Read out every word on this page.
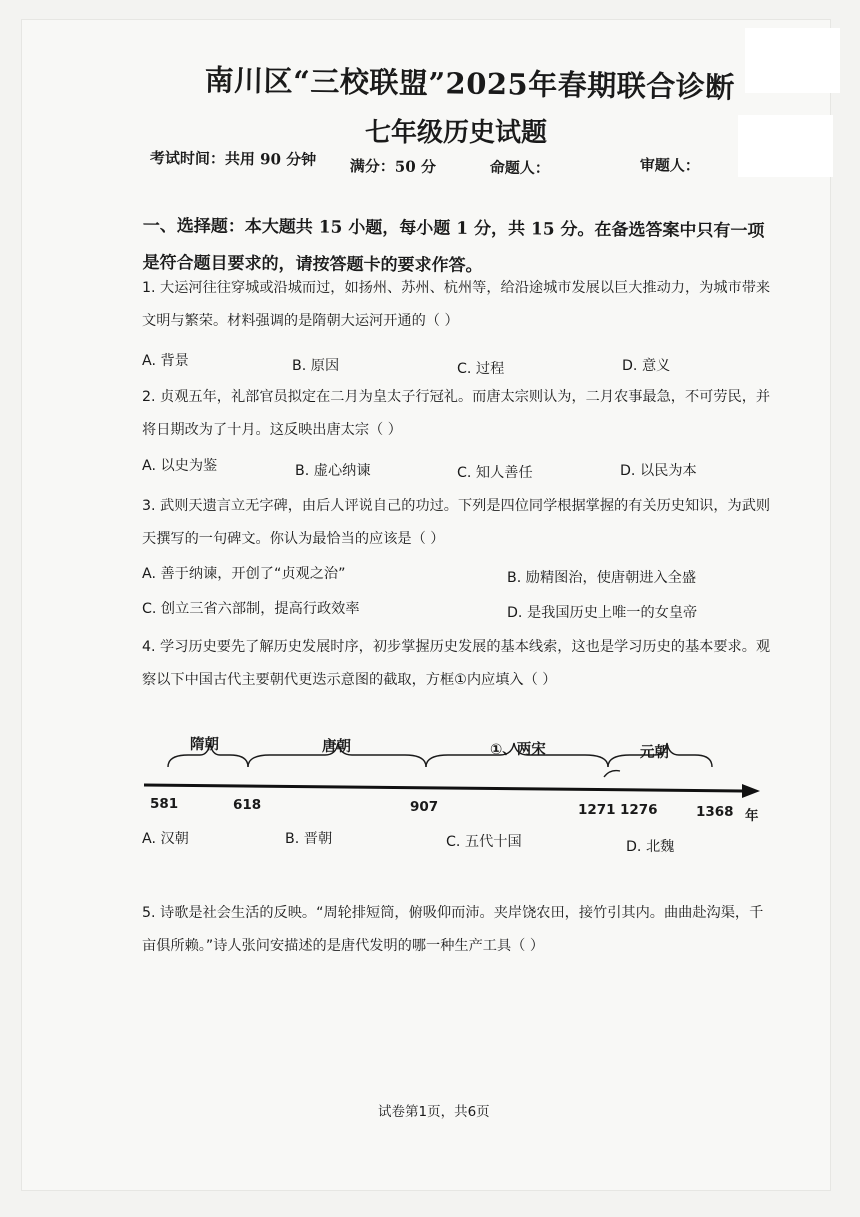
南川区“三校联盟”2025年春期联合诊断
七年级历史试题
考试时间：共用 90 分钟 满分：50 分	命题人：	审题人：
一、选择题：本大题共 15 小题，每小题 1 分，共 15 分。在备选答案中只有一项是符合题目要求的，请按答题卡的要求作答。
1. 大运河往往穿城或沿城而过，如扬州、苏州、杭州等，给沿途城市发展以巨大推动力，为城市带来文明与繁荣。材料强调的是隋朝大运河开通的（ ）
A. 背景	B. 原因	C. 过程	D. 意义
2. 贞观五年，礼部官员拟定在二月为皇太子行冠礼。而唐太宗则认为，二月农事最急，不可劳民，并将日期改为了十月。这反映出唐太宗（ ）
A. 以史为鉴	B. 虚心纳谏	C. 知人善任	D. 以民为本
3. 武则天遗言立无字碑，由后人评说自己的功过。下列是四位同学根据掌握的有关历史知识，为武则天撰写的一句碑文。你认为最恰当的应该是（ ）
A. 善于纳谏，开创了“贞观之治”	B. 励精图治，使唐朝进入全盛
C. 创立三省六部制，提高行政效率	D. 是我国历史上唯一的女皇帝
4. 学习历史要先了解历史发展时序，初步掌握历史发展的基本线索，这也是学习历史的基本要求。观察以下中国古代主要朝代更迭示意图的截取，方框①内应填入（ ）
隋朝	唐朝	①、两宋	元朝
581	618	907	1271 1276	1368 年
A. 汉朝	B. 晋朝	C. 五代十国	D. 北魏
5. 诗歌是社会生活的反映。“周轮排短筒，俯吸仰而沛。夹岸饶农田，接竹引其内。曲曲赴沟渠，千亩俱所赖。”诗人张问安描述的是唐代发明的哪一种生产工具（ ）
试卷第1页，共6页
